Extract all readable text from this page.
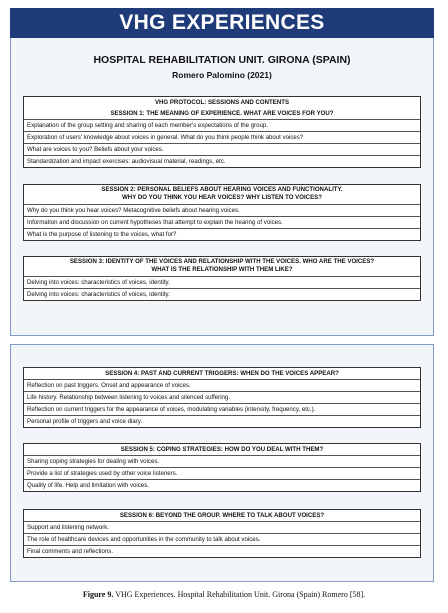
VHG EXPERIENCES
HOSPITAL REHABILITATION UNIT. GIRONA (SPAIN)
Romero Palomino (2021)
VHG PROTOCOL: SESSIONS AND CONTENTS
SESSION 1: THE MEANING OF EXPERIENCE. WHAT ARE VOICES FOR YOU?
Explanation of the group setting and sharing of each member's expectations of the group.
Exploration of users' knowledge about voices in general. What do you think people think about voices?
What are voices to you? Beliefs about your voices.
Standardization and impact exercises: audiovisual material, readings, etc.
SESSION 2: PERSONAL BELIEFS ABOUT HEARING VOICES AND FUNCTIONALITY.
WHY DO YOU THINK YOU HEAR VOICES? WHY LISTEN TO VOICES?
Why do you think you hear voices? Metacognitive beliefs about hearing voices.
Information and discussion on current hypotheses that attempt to explain the hearing of voices.
What is the purpose of listening to the voices, what for?
SESSION 3: IDENTITY OF THE VOICES AND RELATIONSHIP WITH THE VOICES. WHO ARE THE VOICES?
WHAT IS THE RELATIONSHIP WITH THEM LIKE?
Delving into voices: characteristics of voices, identity.
Delving into voices: characteristics of voices, identity.
SESSION 4: PAST AND CURRENT TRIGGERS: WHEN DO THE VOICES APPEAR?
Reflection on past triggers. Onset and appearance of voices.
Life history. Relationship between listening to voices and silenced suffering.
Reflection on current triggers for the appearance of voices, modulating variables (intensity, frequency, etc.).
Personal profile of triggers and voice diary.
SESSION 5: COPING STRATEGIES: HOW DO YOU DEAL WITH THEM?
Sharing coping strategies for dealing with voices.
Provide a list of strategies used by other voice listeners.
Quality of life. Help and limitation with voices.
SESSION 6: BEYOND THE GROUP. WHERE TO TALK ABOUT VOICES?
Support and listening network.
The role of healthcare devices and opportunities in the community to talk about voices.
Final comments and reflections.
Figure 9. VHG Experiences. Hospital Rehabilitation Unit. Girona (Spain) Romero [58].
